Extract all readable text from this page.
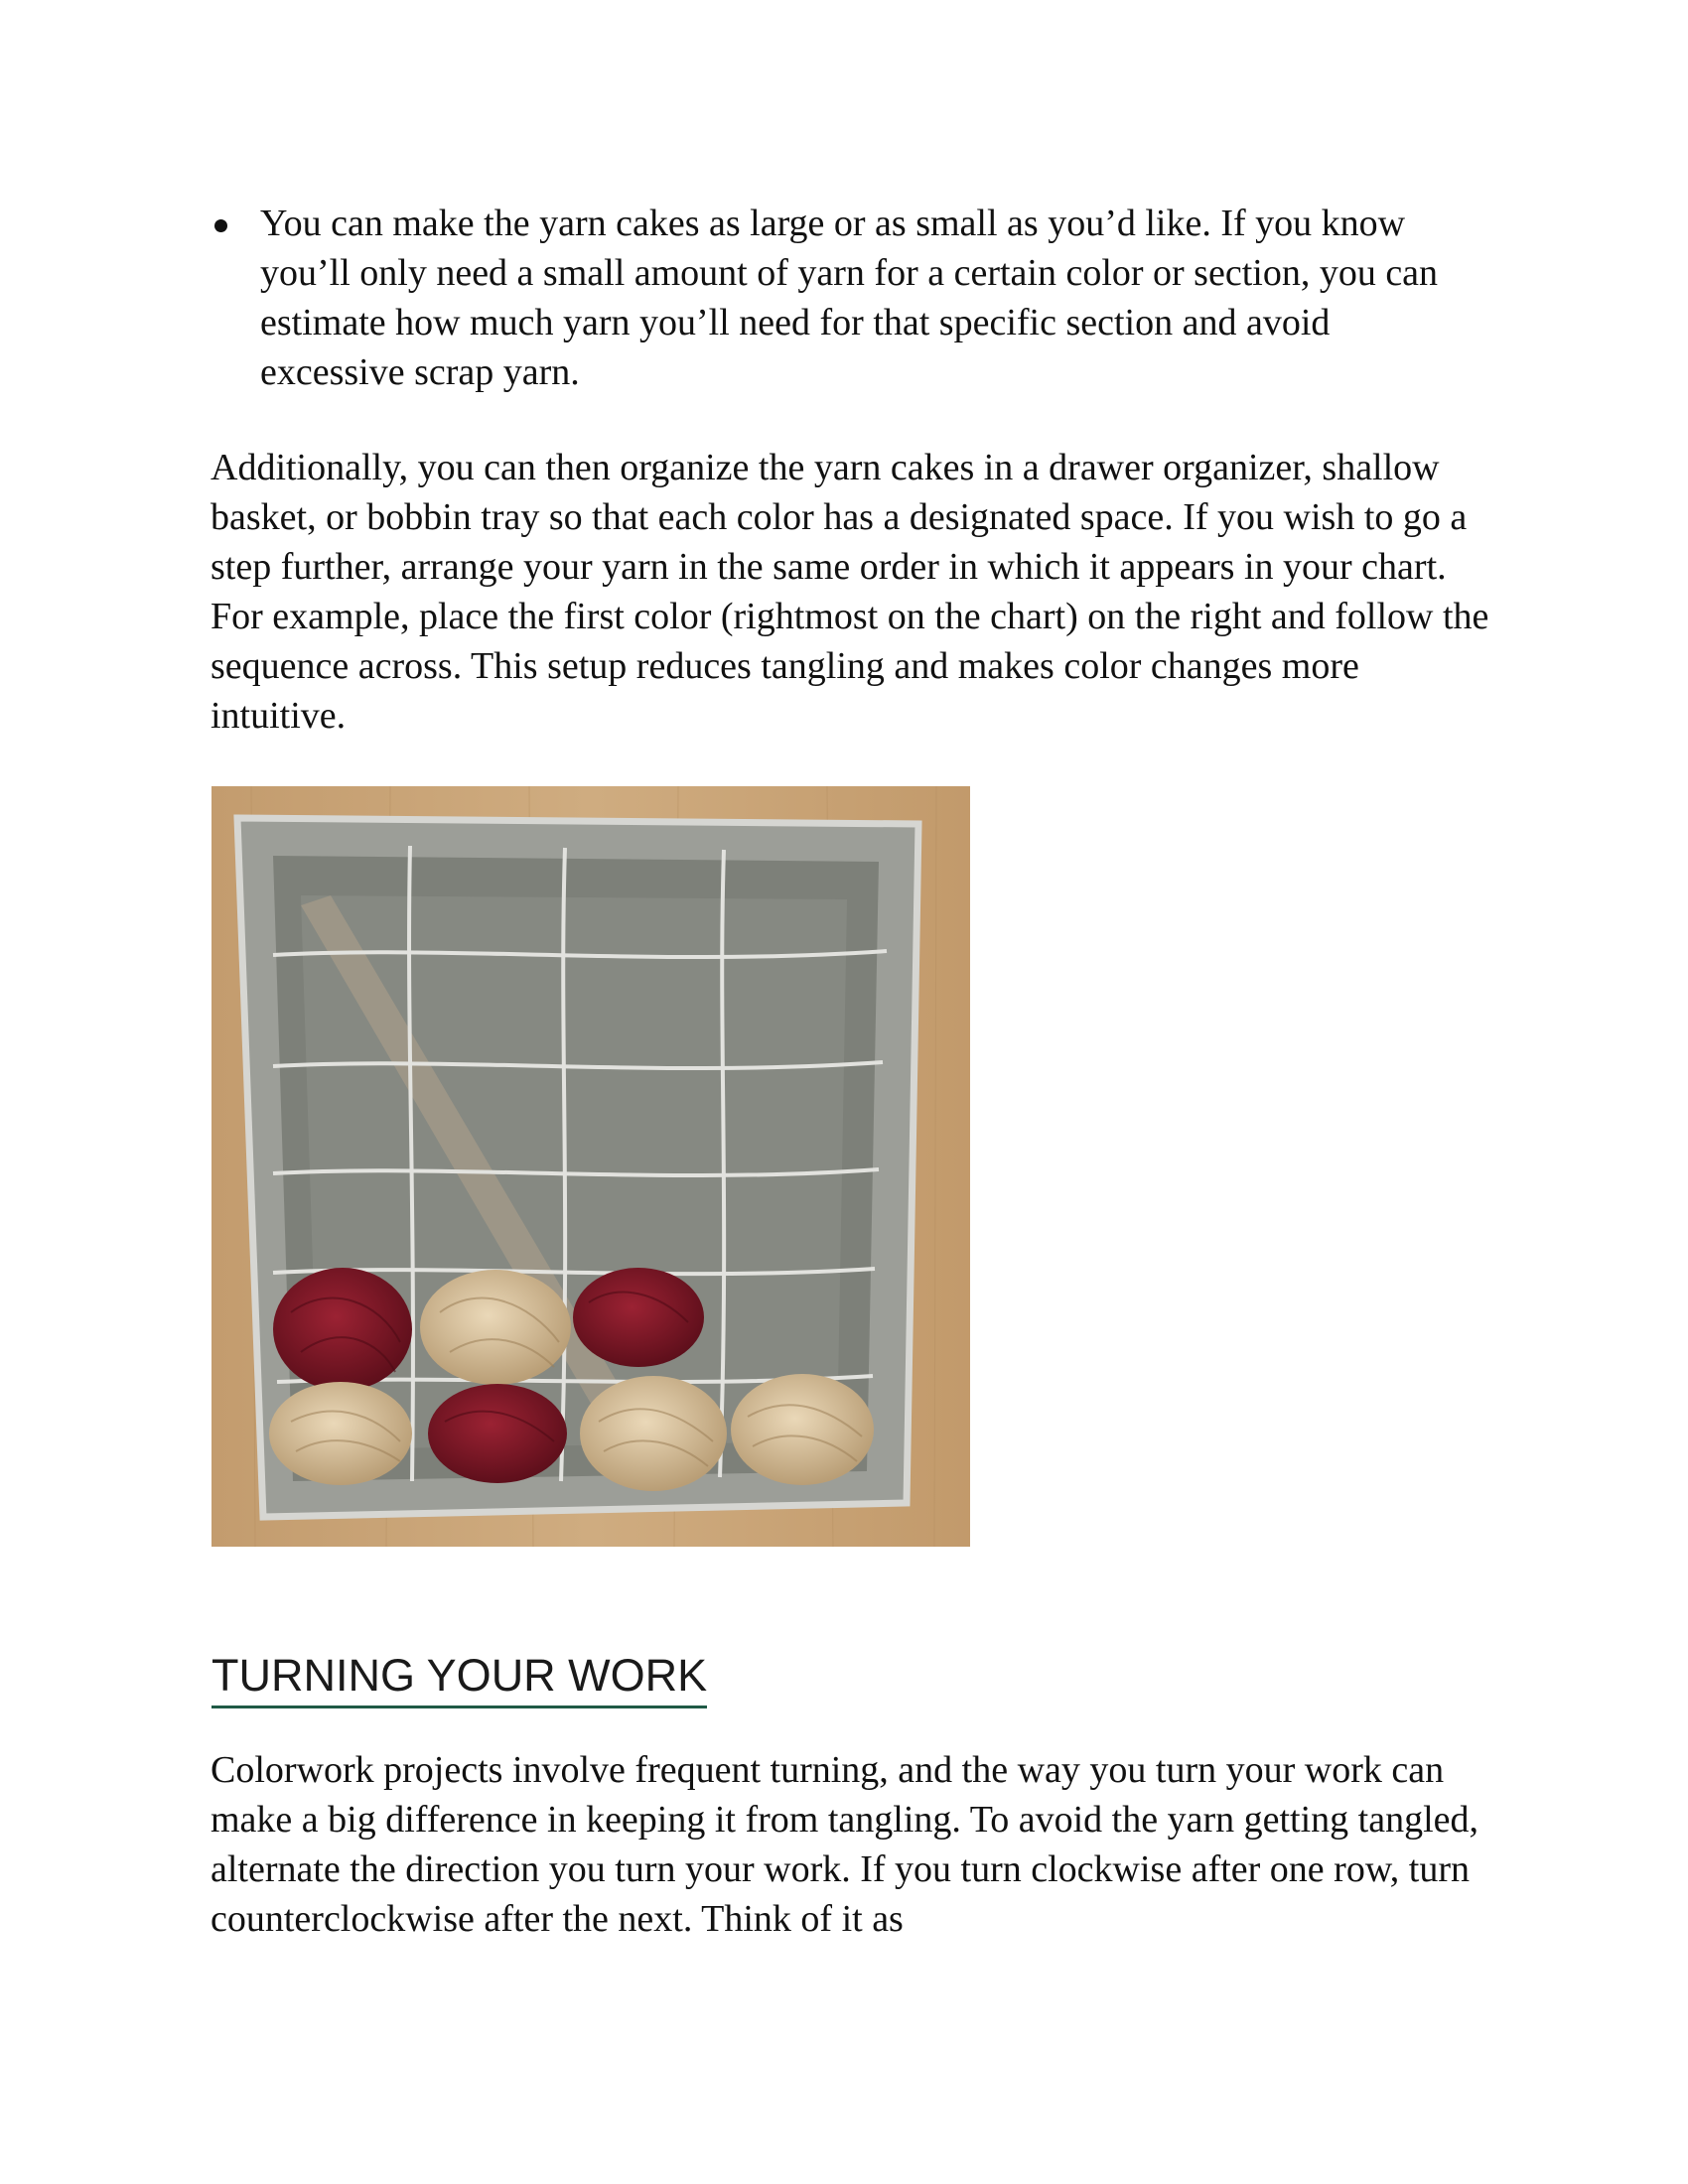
You can make the yarn cakes as large or as small as you’d like. If you know you’ll only need a small amount of yarn for a certain color or section, you can estimate how much yarn you’ll need for that specific section and avoid excessive scrap yarn.

Additionally, you can then organize the yarn cakes in a drawer organizer, shallow basket, or bobbin tray so that each color has a designated space. If you wish to go a step further, arrange your yarn in the same order in which it appears in your chart. For example, place the first color (rightmost on the chart) on the right and follow the sequence across. This setup reduces tangling and makes color changes more intuitive.

TURNING YOUR WORK

Colorwork projects involve frequent turning, and the way you turn your work can make a big difference in keeping it from tangling. To avoid the yarn getting tangled, alternate the direction you turn your work. If you turn clockwise after one row, turn counterclockwise after the next. Think of it as
